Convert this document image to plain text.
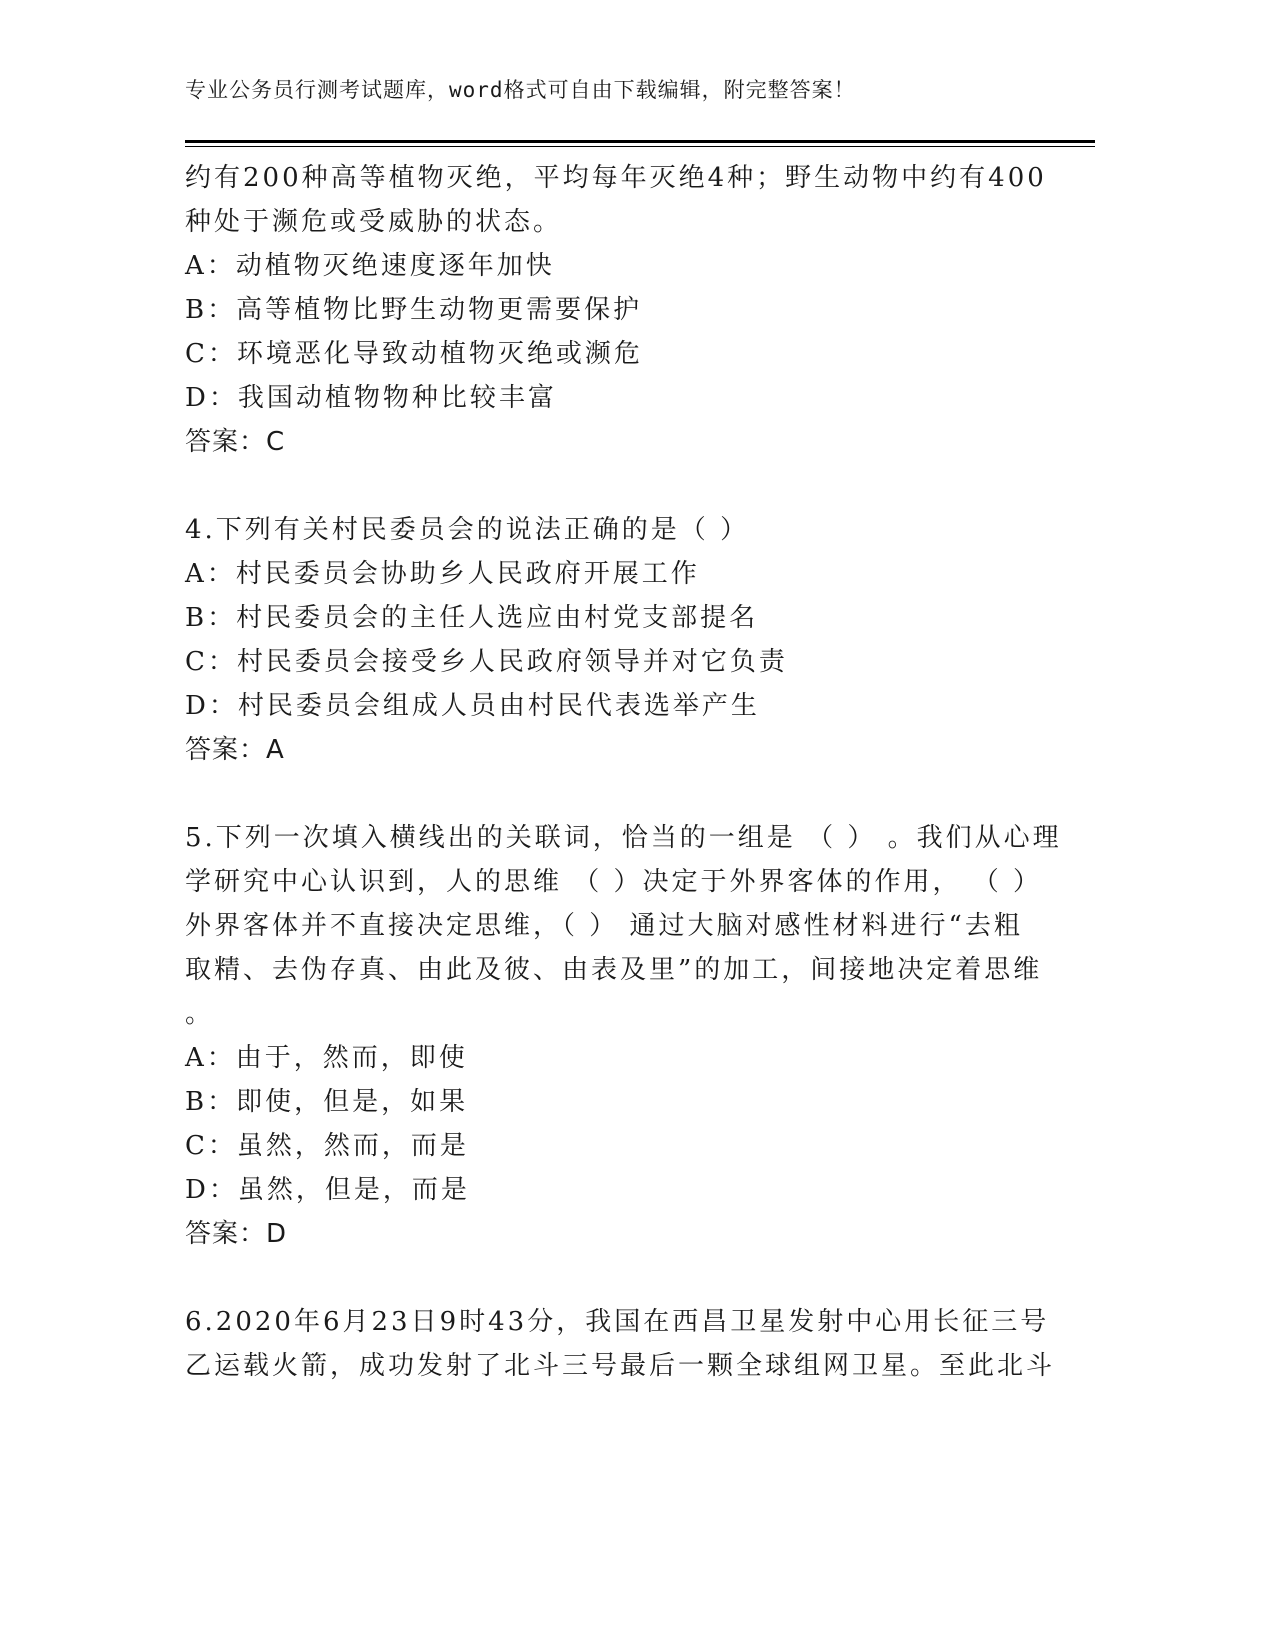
专业公务员行测考试题库，word格式可自由下载编辑，附完整答案！
约有200种高等植物灭绝，平均每年灭绝4种；野生动物中约有400
种处于濒危或受威胁的状态。
A：动植物灭绝速度逐年加快
B：高等植物比野生动物更需要保护
C：环境恶化导致动植物灭绝或濒危
D：我国动植物物种比较丰富
答案：C
4.下列有关村民委员会的说法正确的是（ ）
A：村民委员会协助乡人民政府开展工作
B：村民委员会的主任人选应由村党支部提名
C：村民委员会接受乡人民政府领导并对它负责
D：村民委员会组成人员由村民代表选举产生
答案：A
5.下列一次填入横线出的关联词，恰当的一组是 （ ） 。我们从心理
学研究中心认识到，人的思维 （ ）决定于外界客体的作用， （ ）
外界客体并不直接决定思维，（ ） 通过大脑对感性材料进行“去粗
取精、去伪存真、由此及彼、由表及里”的加工，间接地决定着思维
。
A：由于，然而，即使
B：即使，但是，如果
C：虽然，然而，而是
D：虽然，但是，而是
答案：D
6.2020年6月23日9时43分，我国在西昌卫星发射中心用长征三号
乙运载火箭，成功发射了北斗三号最后一颗全球组网卫星。至此北斗
